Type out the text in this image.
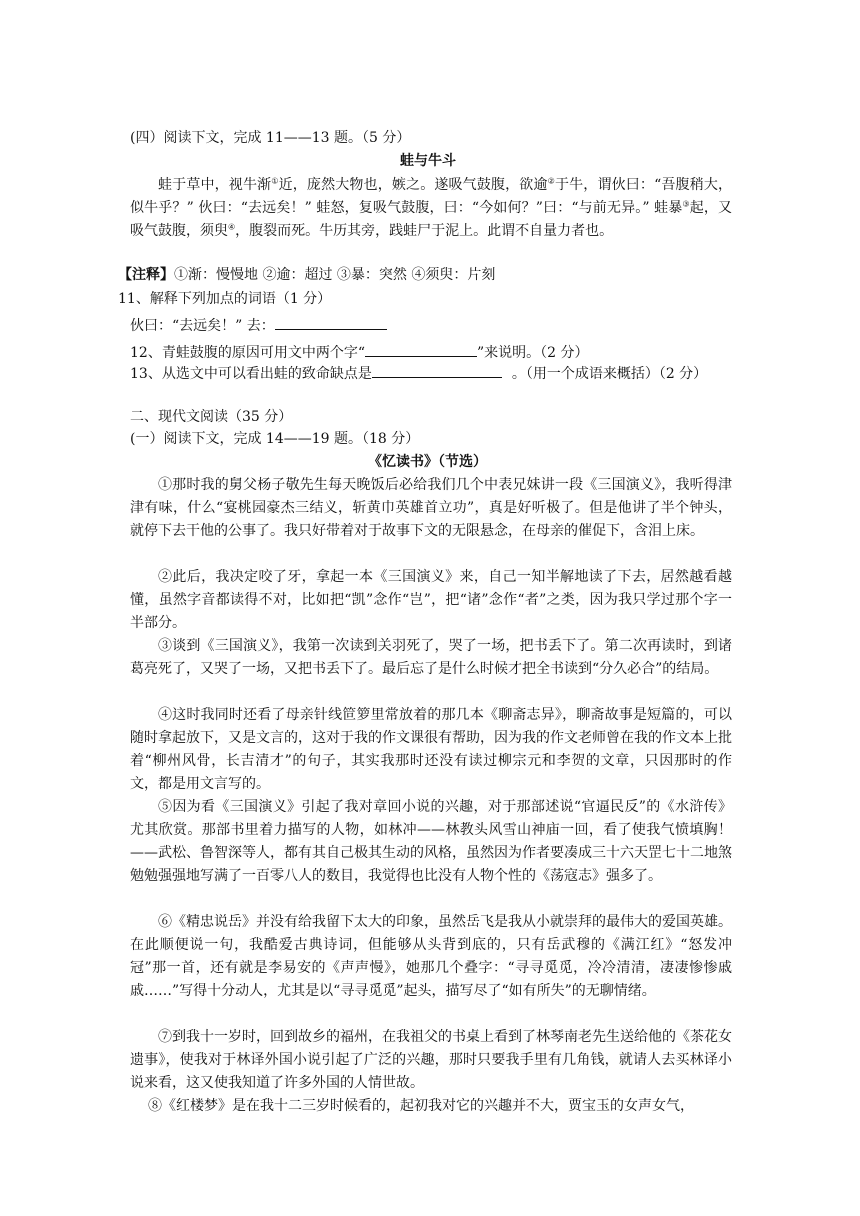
(四）阅读下文，完成 11——13 题。（5 分）
蛙与牛斗
蛙于草中，视牛渐①近，庞然大物也，嫉之。遂吸气鼓腹，欲逾②于牛，谓伙曰：“吾腹稍大，似牛乎？” 伙曰：“去远矣！” 蛙怒，复吸气鼓腹，曰：“今如何？”曰：“与前无异。” 蛙暴③起，又吸气鼓腹，须臾④，腹裂而死。牛历其旁，践蛙尸于泥上。此谓不自量力者也。
【注释】①渐：慢慢地 ②逾：超过 ③暴：突然 ④须臾：片刻
11、解释下列加点的词语（1 分）
伙曰：“去远矣！” 去：
12、青蛙鼓腹的原因可用文中两个字“	”来说明。（2 分）
13、从选文中可以看出蛙的致命缺点是	。（用一个成语来概括）（2 分）
二、现代文阅读（35 分）
(一）阅读下文，完成 14——19 题。（18 分）
《忆读书》（节选）
①那时我的舅父杨子敬先生每天晚饭后必给我们几个中表兄妹讲一段《三国演义》，我听得津津有味，什么“宴桃园豪杰三结义，斩黄巾英雄首立功”，真是好听极了。但是他讲了半个钟头，就停下去干他的公事了。我只好带着对于故事下文的无限悬念，在母亲的催促下，含泪上床。
②此后，我决定咬了牙，拿起一本《三国演义》来，自己一知半解地读了下去，居然越看越懂，虽然字音都读得不对，比如把“凯”念作“岂”，把“诸”念作“者”之类，因为我只学过那个字一半部分。
③谈到《三国演义》，我第一次读到关羽死了，哭了一场，把书丢下了。第二次再读时，到诸葛亮死了，又哭了一场，又把书丢下了。最后忘了是什么时候才把全书读到“分久必合”的结局。
④这时我同时还看了母亲针线笸箩里常放着的那几本《聊斋志异》，聊斋故事是短篇的，可以随时拿起放下，又是文言的，这对于我的作文课很有帮助，因为我的作文老师曾在我的作文本上批着“柳州风骨，长吉清才”的句子，其实我那时还没有读过柳宗元和李贺的文章，只因那时的作文，都是用文言写的。
⑤因为看《三国演义》引起了我对章回小说的兴趣，对于那部述说“官逼民反”的《水浒传》尤其欣赏。那部书里着力描写的人物，如林冲——林教头风雪山神庙一回，看了使我气愤填胸！——武松、鲁智深等人，都有其自己极其生动的风格，虽然因为作者要凑成三十六天罡七十二地煞勉勉强强地写满了一百零八人的数目，我觉得也比没有人物个性的《荡寇志》强多了。
⑥《精忠说岳》并没有给我留下太大的印象，虽然岳飞是我从小就崇拜的最伟大的爱国英雄。在此顺便说一句，我酷爱古典诗词，但能够从头背到底的，只有岳武穆的《满江红》“怒发冲冠”那一首，还有就是李易安的《声声慢》，她那几个叠字：“寻寻觅觅，冷冷清清，凄凄惨惨戚戚……”写得十分动人，尤其是以“寻寻觅觅”起头，描写尽了“如有所失”的无聊情绪。
⑦到我十一岁时，回到故乡的福州，在我祖父的书桌上看到了林琴南老先生送给他的《茶花女遗事》，使我对于林译外国小说引起了广泛的兴趣，那时只要我手里有几角钱，就请人去买林译小说来看，这又使我知道了许多外国的人情世故。
⑧《红楼梦》是在我十二三岁时候看的，起初我对它的兴趣并不大，贾宝玉的女声女气，
